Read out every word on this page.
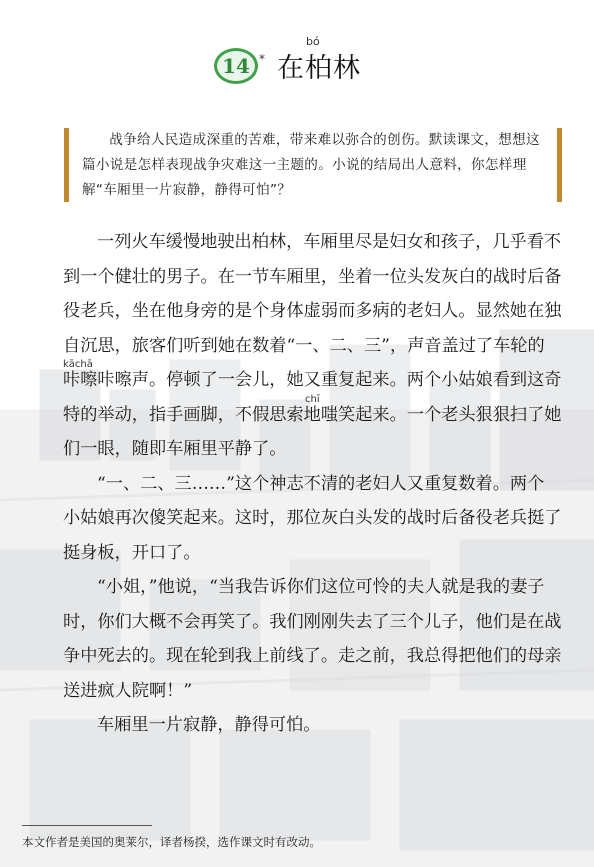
14 *
bó
在柏林

战争给人民造成深重的苦难，带来难以弥合的创伤。默读课文，想想这篇小说是怎样表现战争灾难这一主题的。小说的结局出人意料，你怎样理解“车厢里一片寂静，静得可怕”？

一列火车缓慢地驶出柏林，车厢里尽是妇女和孩子，几乎看不
到一个健壮的男子。在一节车厢里，坐着一位头发灰白的战时后备
役老兵，坐在他身旁的是个身体虚弱而多病的老妇人。显然她在独
自沉思，旅客们听到她在数着“一、二、三”，声音盖过了车轮的
kāchā
咔嚓咔嚓声。停顿了一会儿，她又重复起来。两个小姑娘看到这奇
chī
特的举动，指手画脚，不假思索地嗤笑起来。一个老头狠狠扫了她
们一眼，随即车厢里平静了。
“一、二、三……”这个神志不清的老妇人又重复数着。两个
小姑娘再次傻笑起来。这时，那位灰白头发的战时后备役老兵挺了
挺身板，开口了。
“小姐，”他说，“当我告诉你们这位可怜的夫人就是我的妻子
时，你们大概不会再笑了。我们刚刚失去了三个儿子，他们是在战
争中死去的。现在轮到我上前线了。走之前，我总得把他们的母亲
送进疯人院啊！”
车厢里一片寂静，静得可怕。
本文作者是美国的奥莱尔，译者杨揆，选作课文时有改动。
